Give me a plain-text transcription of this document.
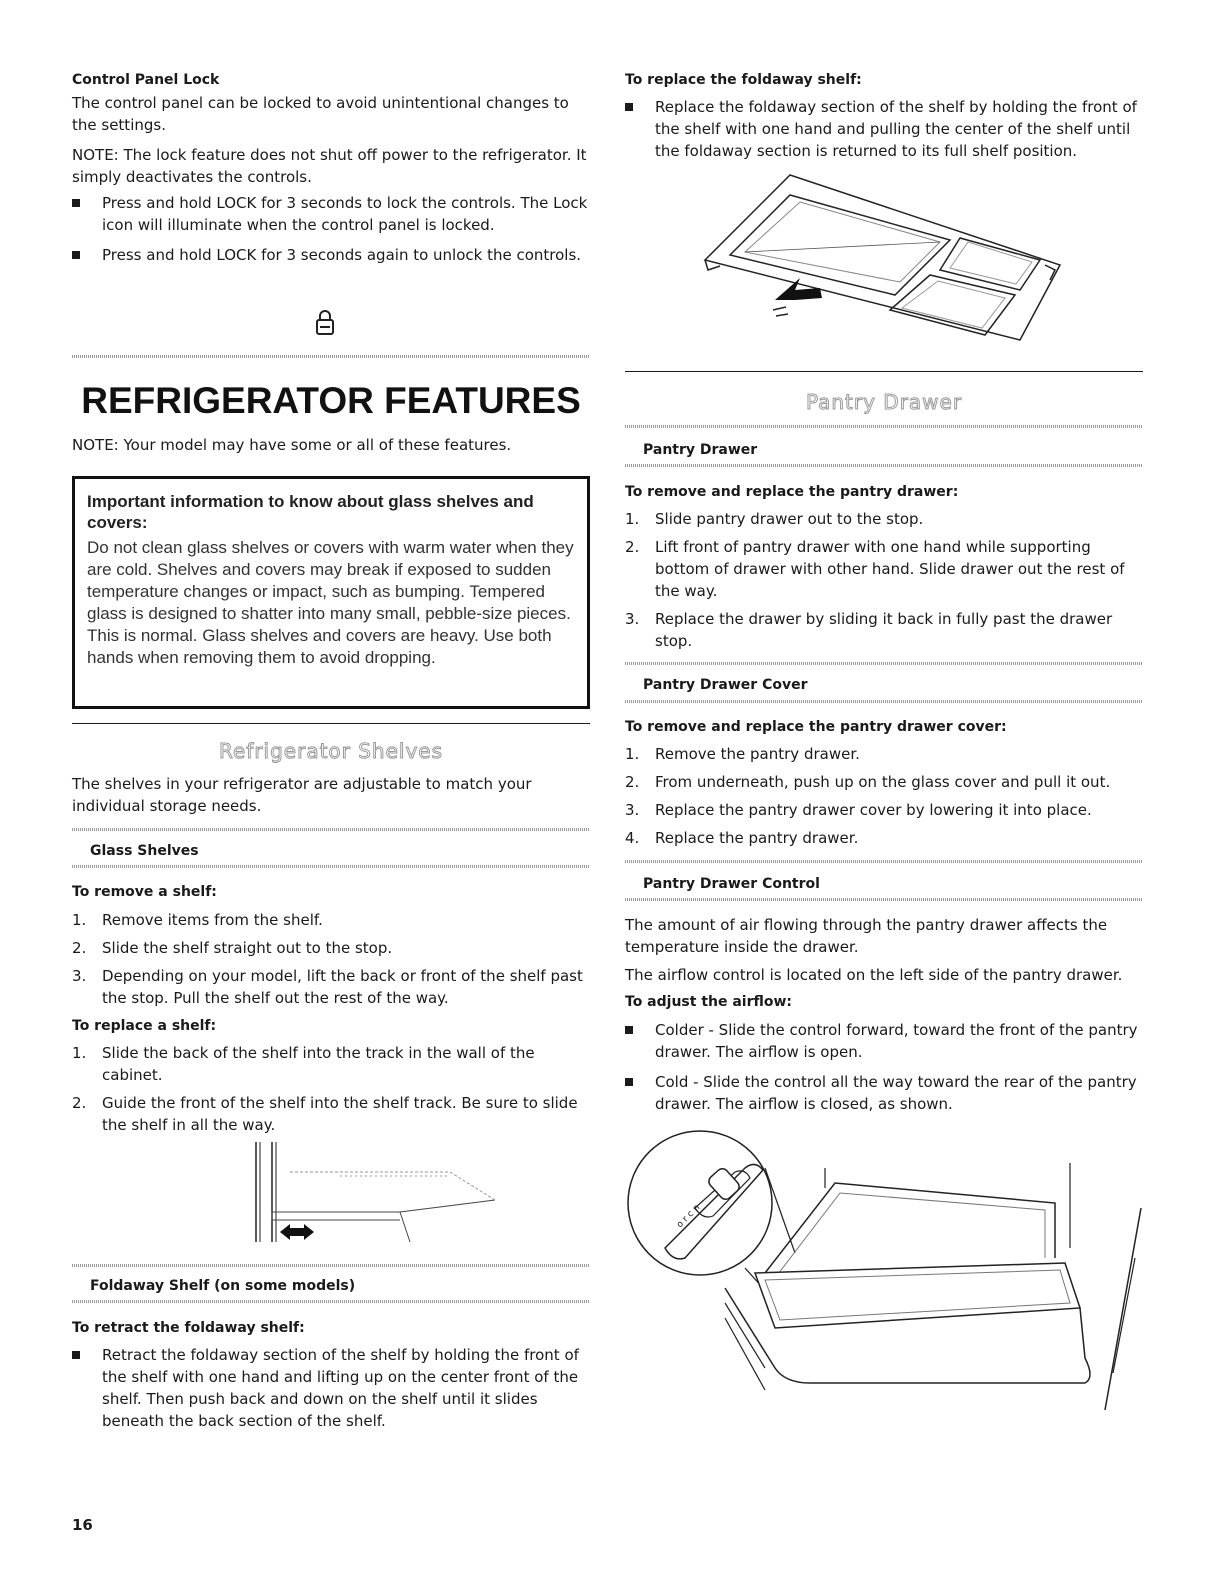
Control Panel Lock

The control panel can be locked to avoid unintentional changes to the settings.

NOTE: The lock feature does not shut off power to the refrigerator. It simply deactivates the controls.

Press and hold LOCK for 3 seconds to lock the controls. The Lock icon will illuminate when the control panel is locked.
Press and hold LOCK for 3 seconds again to unlock the controls.

REFRIGERATOR FEATURES

NOTE: Your model may have some or all of these features.

Important information to know about glass shelves and covers:

Do not clean glass shelves or covers with warm water when they are cold. Shelves and covers may break if exposed to sudden temperature changes or impact, such as bumping. Tempered glass is designed to shatter into many small, pebble-size pieces. This is normal. Glass shelves and covers are heavy. Use both hands when removing them to avoid dropping.

Refrigerator Shelves

The shelves in your refrigerator are adjustable to match your individual storage needs.

Glass Shelves

To remove a shelf:

1. Remove items from the shelf.
2. Slide the shelf straight out to the stop.
3. Depending on your model, lift the back or front of the shelf past the stop. Pull the shelf out the rest of the way.

To replace a shelf:

1. Slide the back of the shelf into the track in the wall of the cabinet.
2. Guide the front of the shelf into the shelf track. Be sure to slide the shelf in all the way.

Foldaway Shelf (on some models)

To retract the foldaway shelf:

Retract the foldaway section of the shelf by holding the front of the shelf with one hand and lifting up on the center front of the shelf. Then push back and down on the shelf until it slides beneath the back section of the shelf.

To replace the foldaway shelf:

Replace the foldaway section of the shelf by holding the front of the shelf with one hand and pulling the center of the shelf until the foldaway section is returned to its full shelf position.

Pantry Drawer

Pantry Drawer

To remove and replace the pantry drawer:

1. Slide pantry drawer out to the stop.
2. Lift front of pantry drawer with one hand while supporting bottom of drawer with other hand. Slide drawer out the rest of the way.
3. Replace the drawer by sliding it back in fully past the drawer stop.

Pantry Drawer Cover

To remove and replace the pantry drawer cover:

1. Remove the pantry drawer.
2. From underneath, push up on the glass cover and pull it out.
3. Replace the pantry drawer cover by lowering it into place.
4. Replace the pantry drawer.

Pantry Drawer Control

The amount of air flowing through the pantry drawer affects the temperature inside the drawer.

The airflow control is located on the left side of the pantry drawer.

To adjust the airflow:

Colder - Slide the control forward, toward the front of the pantry drawer. The airflow is open.
Cold - Slide the control all the way toward the rear of the pantry drawer. The airflow is closed, as shown.
o r c n

16
